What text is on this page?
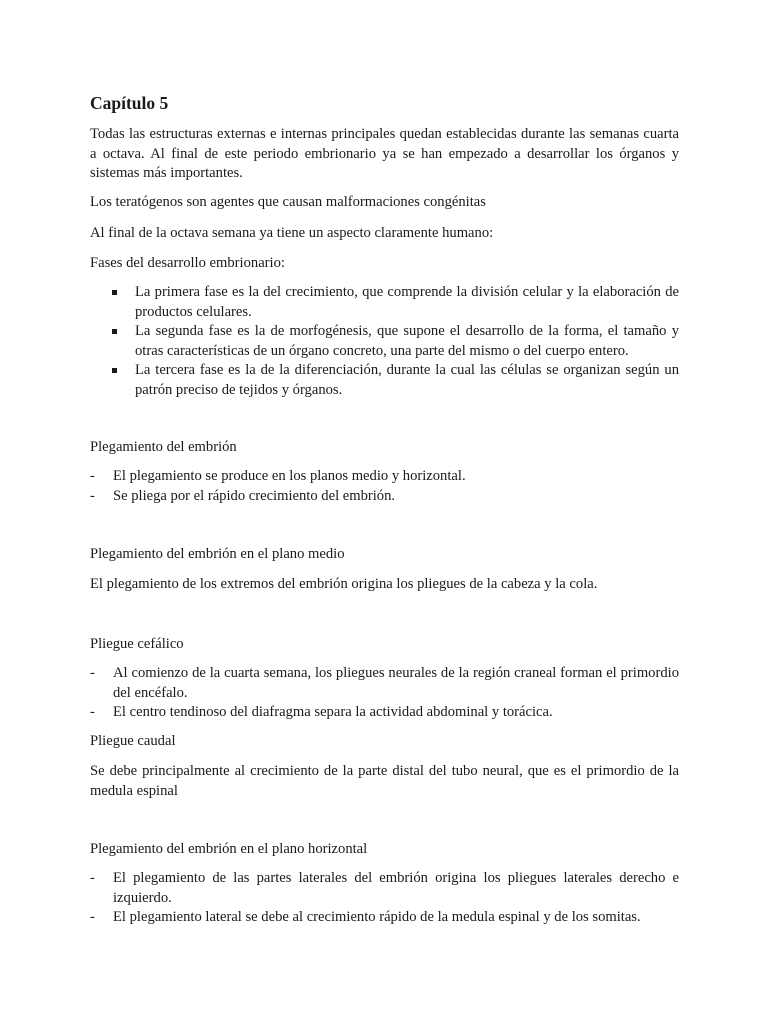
Capítulo 5

Todas las estructuras externas e internas principales quedan establecidas durante las semanas cuarta a octava. Al final de este periodo embrionario ya se han empezado a desarrollar los órganos y sistemas más importantes.

Los teratógenos son agentes que causan malformaciones congénitas

Al final de la octava semana ya tiene un aspecto claramente humano:

Fases del desarrollo embrionario:

La primera fase es la del crecimiento, que comprende la división celular y la elaboración de productos celulares.
La segunda fase es la de morfogénesis, que supone el desarrollo de la forma, el tamaño y otras características de un órgano concreto, una parte del mismo o del cuerpo entero.
La tercera fase es la de la diferenciación, durante la cual las células se organizan según un patrón preciso de tejidos y órganos.

Plegamiento del embrión

- El plegamiento se produce en los planos medio y horizontal.
- Se pliega por el rápido crecimiento del embrión.

Plegamiento del embrión en el plano medio

El plegamiento de los extremos del embrión origina los pliegues de la cabeza y la cola.

Pliegue cefálico

- Al comienzo de la cuarta semana, los pliegues neurales de la región craneal forman el primordio del encéfalo.
- El centro tendinoso del diafragma separa la actividad abdominal y torácica.

Pliegue caudal

Se debe principalmente al crecimiento de la parte distal del tubo neural, que es el primordio de la medula espinal

Plegamiento del embrión en el plano horizontal

- El plegamiento de las partes laterales del embrión origina los pliegues laterales derecho e izquierdo.
- El plegamiento lateral se debe al crecimiento rápido de la medula espinal y de los somitas.
